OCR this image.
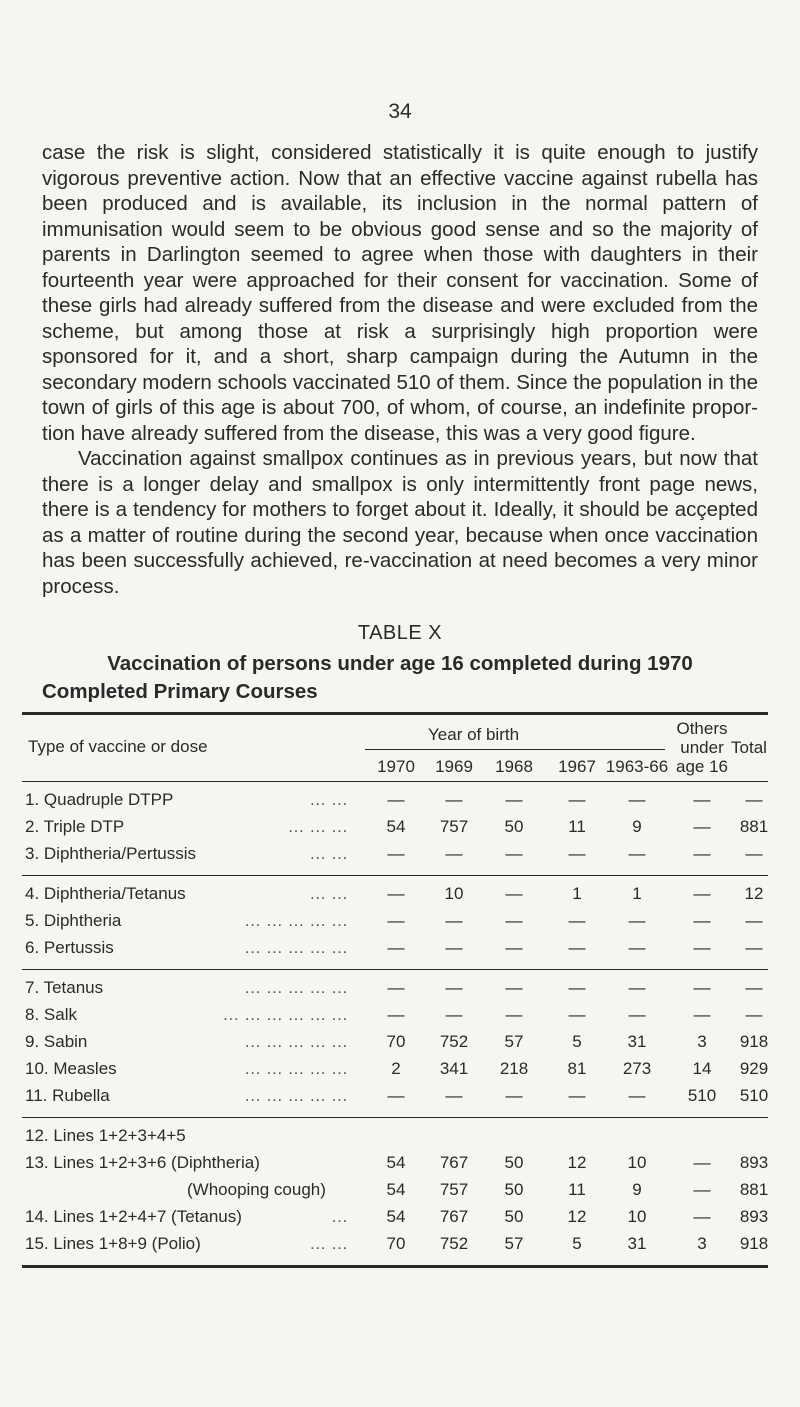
34

case the risk is slight, considered statistically it is quite enough to justify vigorous preventive action. Now that an effective vaccine against rubella has been produced and is available, its inclusion in the normal pattern of immunisation would seem to be obvious good sense and so the majority of parents in Darlington seemed to agree when those with daughters in their fourteenth year were approached for their consent for vaccination. Some of these girls had already suffered from the disease and were excluded from the scheme, but among those at risk a surprisingly high proportion were sponsored for it, and a short, sharp campaign during the Autumn in the secondary modern schools vaccinated 510 of them. Since the population in the town of girls of this age is about 700, of whom, of course, an indefinite propor- tion have already suffered from the disease, this was a very good figure.

Vaccination against smallpox continues as in previous years, but now that there is a longer delay and smallpox is only intermittently front page news, there is a tendency for mothers to forget about it. Ideally, it should be acçepted as a matter of routine during the second year, because when once vaccination has been successfully achieved, re-vaccination at need becomes a very minor process.

TABLE X
Vaccination of persons under age 16 completed during 1970
Completed Primary Courses
Type of vaccine or dose
Year of birth
1970	1969	1968	1967 1963-66
Others
under
age 16
Total
1. Quadruple DTPP	… …	—	—	—	—	—	—	—
2. Triple DTP	… … …	54	757	50	11	9	—	881
3. Diphtheria/Pertussis	… …	—	—	—	—	—	—	—
4. Diphtheria/Tetanus	… …	—	10	—	1	1	—	12
5. Diphtheria	… … … … …	—	—	—	—	—	—	—
6. Pertussis	… … … … …	—	—	—	—	—	—	—
7. Tetanus	… … … … …	—	—	—	—	—	—	—
8. Salk	… … … … … …	—	—	—	—	—	—	—
9. Sabin	… … … … …	70	752	57	5	31	3	918
10. Measles	… … … … …	2	341	218	81	273	14	929
11. Rubella	… … … … …	—	—	—	—	—	510	510
12. Lines 1+2+3+4+5
13. Lines 1+2+3+6 (Diphtheria)	54	767	50	12	10	—	893
(Whooping cough)	54	757	50	11	9	—	881
14. Lines 1+2+4+7 (Tetanus)	…	54	767	50	12	10	—	893
15. Lines 1+8+9 (Polio)	… …	70	752	57	5	31	3	918
